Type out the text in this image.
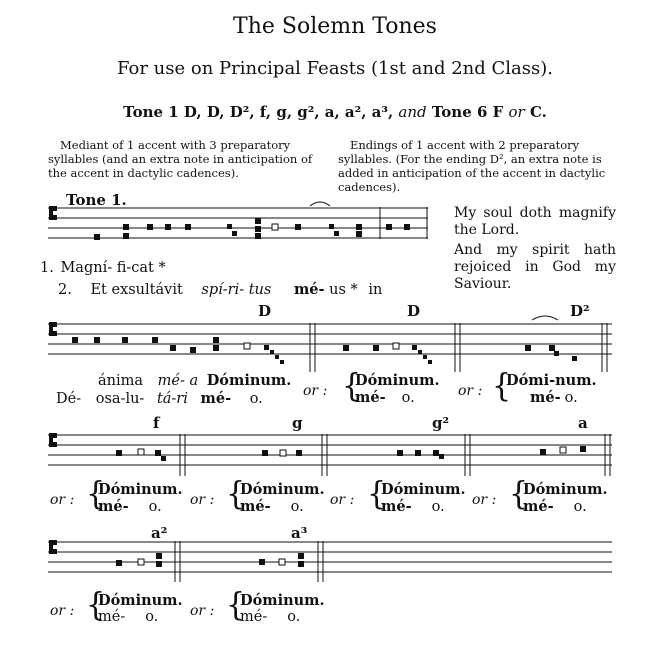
The Solemn Tones
For use on Principal Feasts (1st and 2nd Class).
Tone 1 D, D, D², f, g, g², a, a², a³, and Tone 6 F or C.
Mediant of 1 accent with 3 preparatory syllables (and an extra note in anticipation of the accent in dactylic cadences).
Endings of 1 accent with 2 preparatory syllables. (For the ending D², an extra note is added in anticipation of the accent in dactylic cadences).
Tone 1.
My soul doth magnify the Lord.
And my spirit hath rejoiced in God my Saviour.
1. Magní- fi-cat *
2. Et exsultávit spí-ri- tus mé- us * in
D	D	D²
ánima mé- a Dóminum.
Dé- osa-lu- tá-ri mé- o.	or : {
Dóminum.
mé- o.	or : {
Dómi-num.
mé- o.
f	g	g²	a
or : {
Dóminum.
mé- o.	or : {
Dóminum.
mé- o.	or : {
Dóminum.
mé- o.	or : {
Dóminum.
mé- o.
a²	a³
or : {
Dóminum.
mé- o.	or : {
Dóminum.
mé- o.
